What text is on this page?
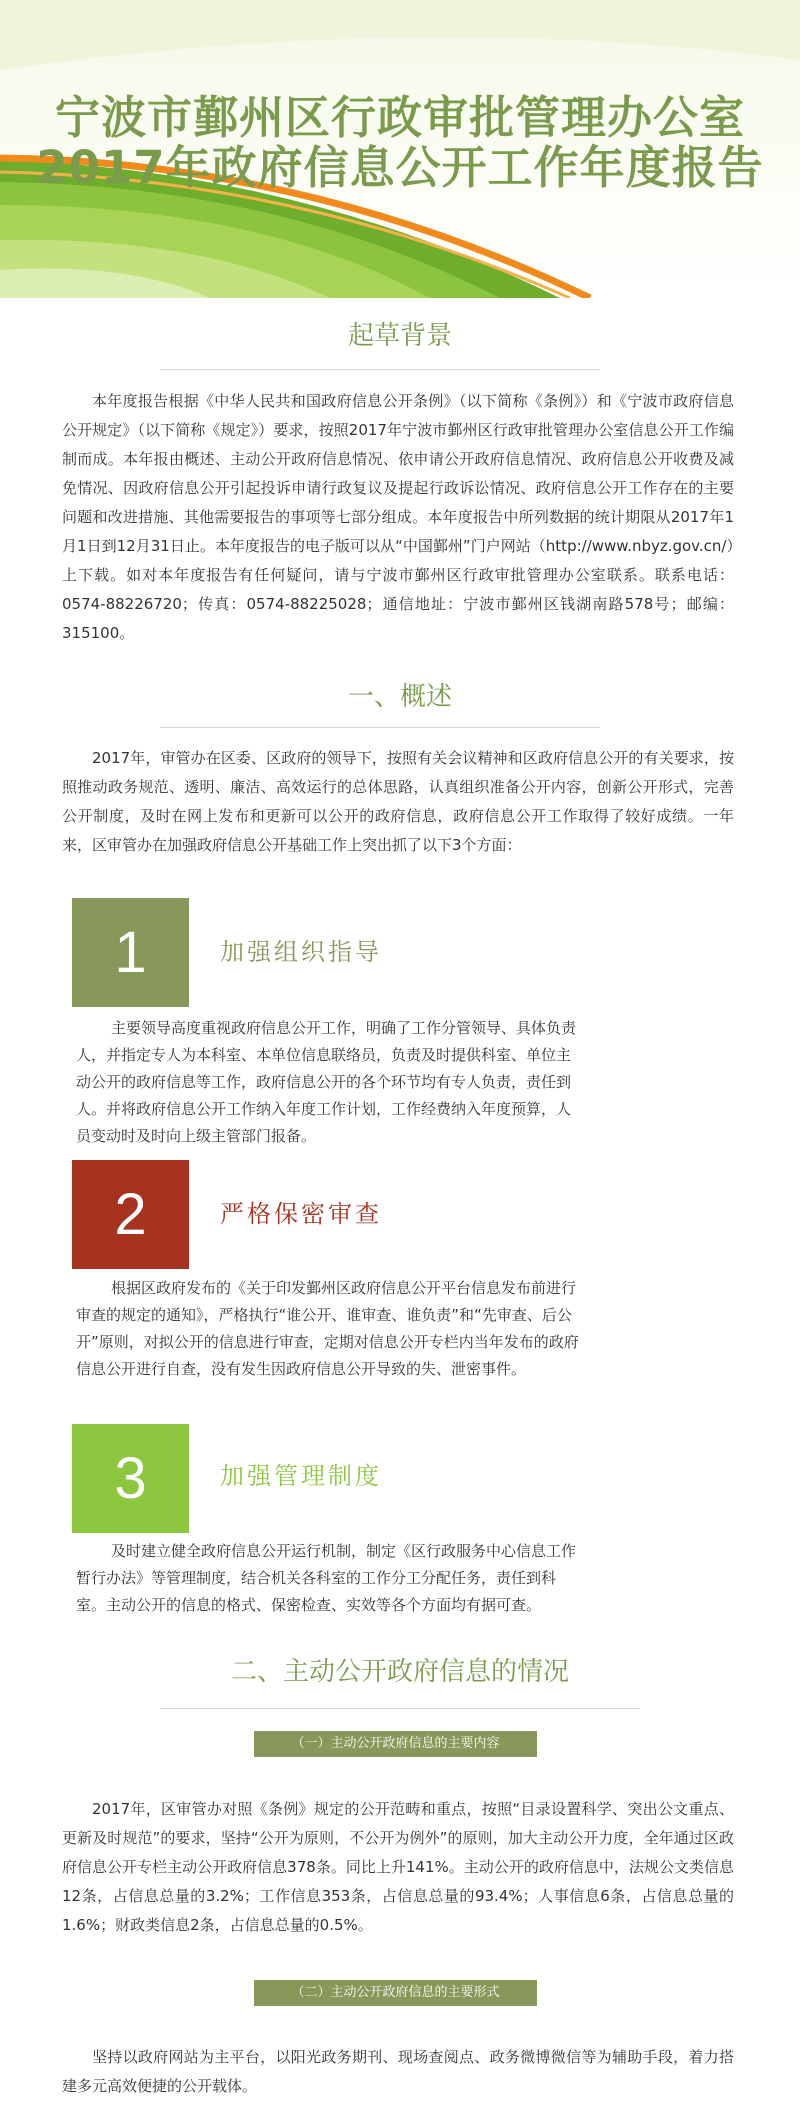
宁波市鄞州区行政审批管理办公室
2017年政府信息公开工作年度报告
起草背景
本年度报告根据《中华人民共和国政府信息公开条例》（以下简称《条例》）和《宁波市政府信息公开规定》（以下简称《规定》）要求，按照2017年宁波市鄞州区行政审批管理办公室信息公开工作编制而成。本年报由概述、主动公开政府信息情况、依申请公开政府信息情况、政府信息公开收费及减免情况、因政府信息公开引起投诉申请行政复议及提起行政诉讼情况、政府信息公开工作存在的主要问题和改进措施、其他需要报告的事项等七部分组成。本年度报告中所列数据的统计期限从2017年1月1日到12月31日止。本年度报告的电子版可以从“中国鄞州”门户网站（http://www.nbyz.gov.cn/）上下载。如对本年度报告有任何疑问，请与宁波市鄞州区行政审批管理办公室联系。联系电话：0574-88226720；传真：0574-88225028；通信地址：宁波市鄞州区钱湖南路578号；邮编：315100。
一、概述
2017年，审管办在区委、区政府的领导下，按照有关会议精神和区政府信息公开的有关要求，按照推动政务规范、透明、廉洁、高效运行的总体思路，认真组织准备公开内容，创新公开形式，完善公开制度，及时在网上发布和更新可以公开的政府信息，政府信息公开工作取得了较好成绩。一年来，区审管办在加强政府信息公开基础工作上突出抓了以下3个方面：
1	加强组织指导
主要领导高度重视政府信息公开工作，明确了工作分管领导、具体负责人，并指定专人为本科室、本单位信息联络员，负责及时提供科室、单位主动公开的政府信息等工作，政府信息公开的各个环节均有专人负责，责任到人。并将政府信息公开工作纳入年度工作计划，工作经费纳入年度预算，人员变动时及时向上级主管部门报备。
2	严格保密审查
根据区政府发布的《关于印发鄞州区政府信息公开平台信息发布前进行审查的规定的通知》，严格执行“谁公开、谁审查、谁负责”和“先审查、后公开”原则，对拟公开的信息进行审查，定期对信息公开专栏内当年发布的政府信息公开进行自查，没有发生因政府信息公开导致的失、泄密事件。
3	加强管理制度
及时建立健全政府信息公开运行机制，制定《区行政服务中心信息工作暂行办法》等管理制度，结合机关各科室的工作分工分配任务，责任到科室。主动公开的信息的格式、保密检查、实效等各个方面均有据可查。
二、主动公开政府信息的情况
（一）主动公开政府信息的主要内容
2017年，区审管办对照《条例》规定的公开范畴和重点，按照“目录设置科学、突出公文重点、更新及时规范”的要求，坚持“公开为原则，不公开为例外”的原则，加大主动公开力度，全年通过区政府信息公开专栏主动公开政府信息378条。同比上升141%。主动公开的政府信息中，法规公文类信息12条，占信息总量的3.2%；工作信息353条，占信息总量的93.4%；人事信息6条，占信息总量的1.6%；财政类信息2条，占信息总量的0.5%。
（二）主动公开政府信息的主要形式
坚持以政府网站为主平台，以阳光政务期刊、现场查阅点、政务微博微信等为辅助手段，着力搭建多元高效便捷的公开载体。
